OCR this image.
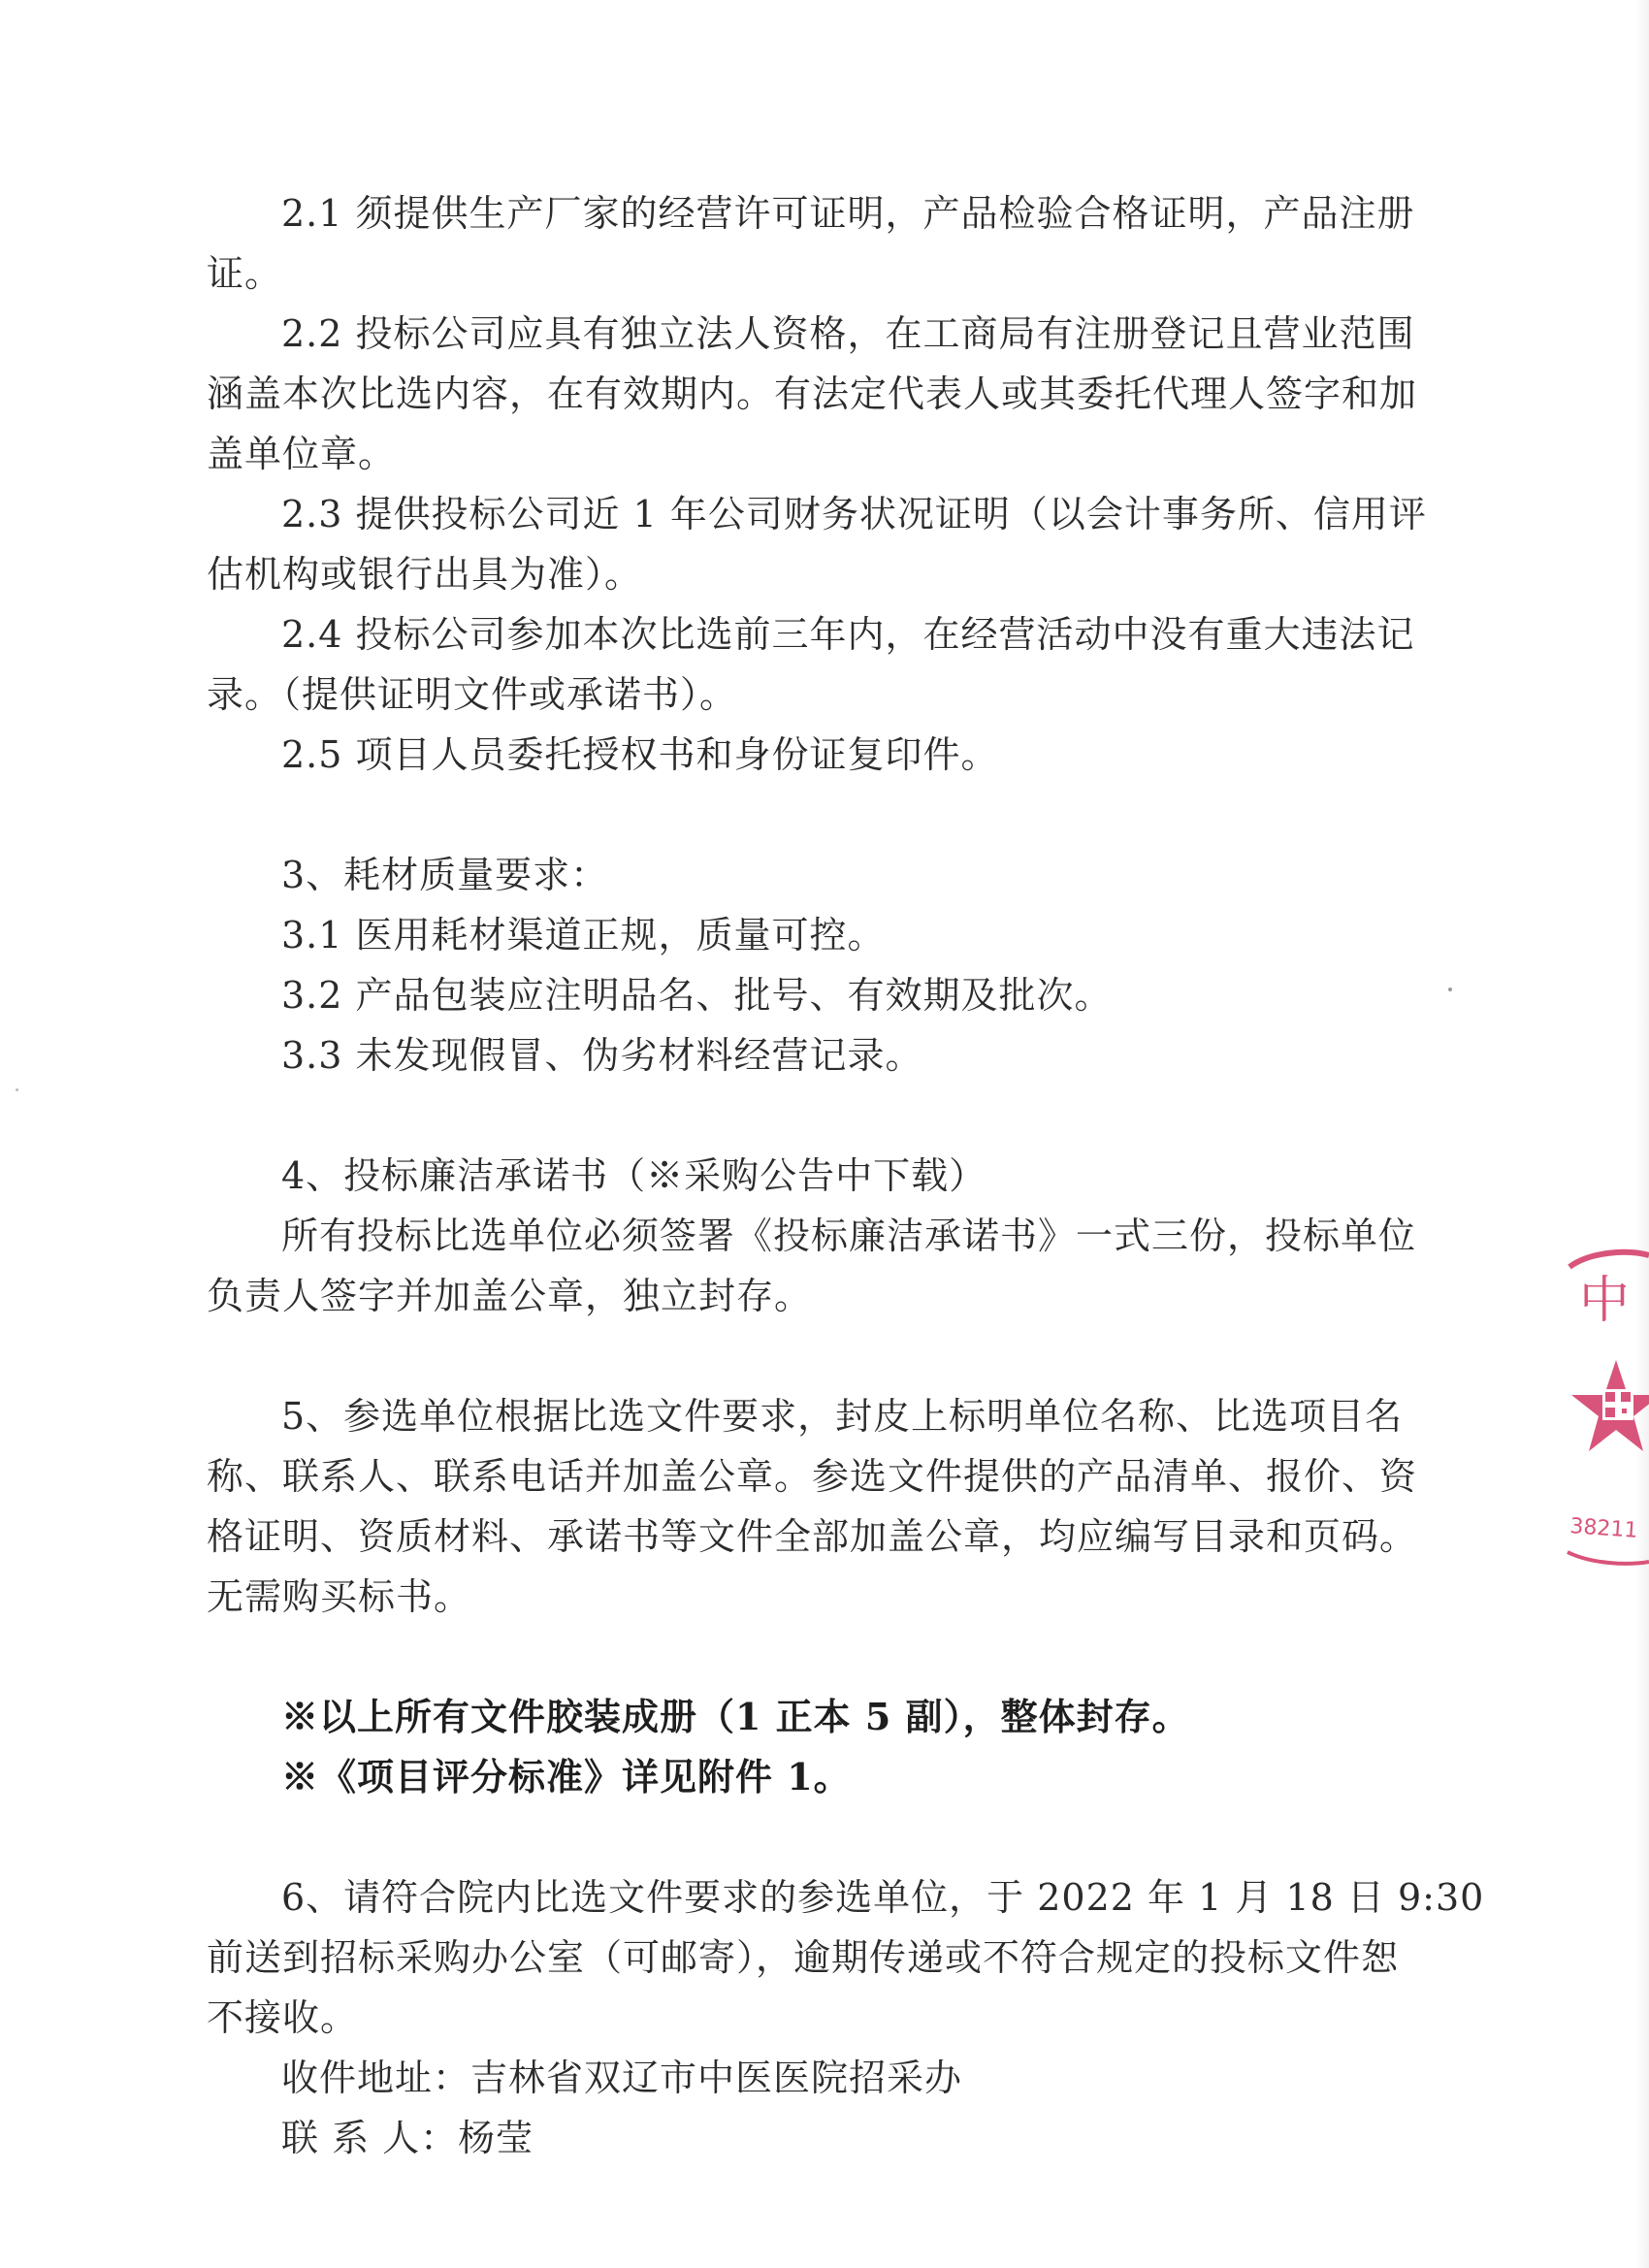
2.1 须提供生产厂家的经营许可证明，产品检验合格证明，产品注册
证。
2.2 投标公司应具有独立法人资格，在工商局有注册登记且营业范围
涵盖本次比选内容，在有效期内。有法定代表人或其委托代理人签字和加
盖单位章。
2.3 提供投标公司近 1 年公司财务状况证明（以会计事务所、信用评
估机构或银行出具为准）。
2.4 投标公司参加本次比选前三年内，在经营活动中没有重大违法记
录。（提供证明文件或承诺书）。
2.5 项目人员委托授权书和身份证复印件。
3、耗材质量要求：
3.1 医用耗材渠道正规，质量可控。
3.2 产品包装应注明品名、批号、有效期及批次。
3.3 未发现假冒、伪劣材料经营记录。
4、投标廉洁承诺书（※采购公告中下载）
所有投标比选单位必须签署《投标廉洁承诺书》一式三份，投标单位
负责人签字并加盖公章，独立封存。
5、参选单位根据比选文件要求，封皮上标明单位名称、比选项目名
称、联系人、联系电话并加盖公章。参选文件提供的产品清单、报价、资
格证明、资质材料、承诺书等文件全部加盖公章，均应编写目录和页码。
无需购买标书。
※以上所有文件胶装成册（1 正本 5 副），整体封存。
※《项目评分标准》详见附件 1。
6、请符合院内比选文件要求的参选单位，于 2022 年 1 月 18 日 9:30
前送到招标采购办公室（可邮寄），逾期传递或不符合规定的投标文件恕
不接收。
收件地址：吉林省双辽市中医医院招采办
联 系 人：杨莹
中
38211
